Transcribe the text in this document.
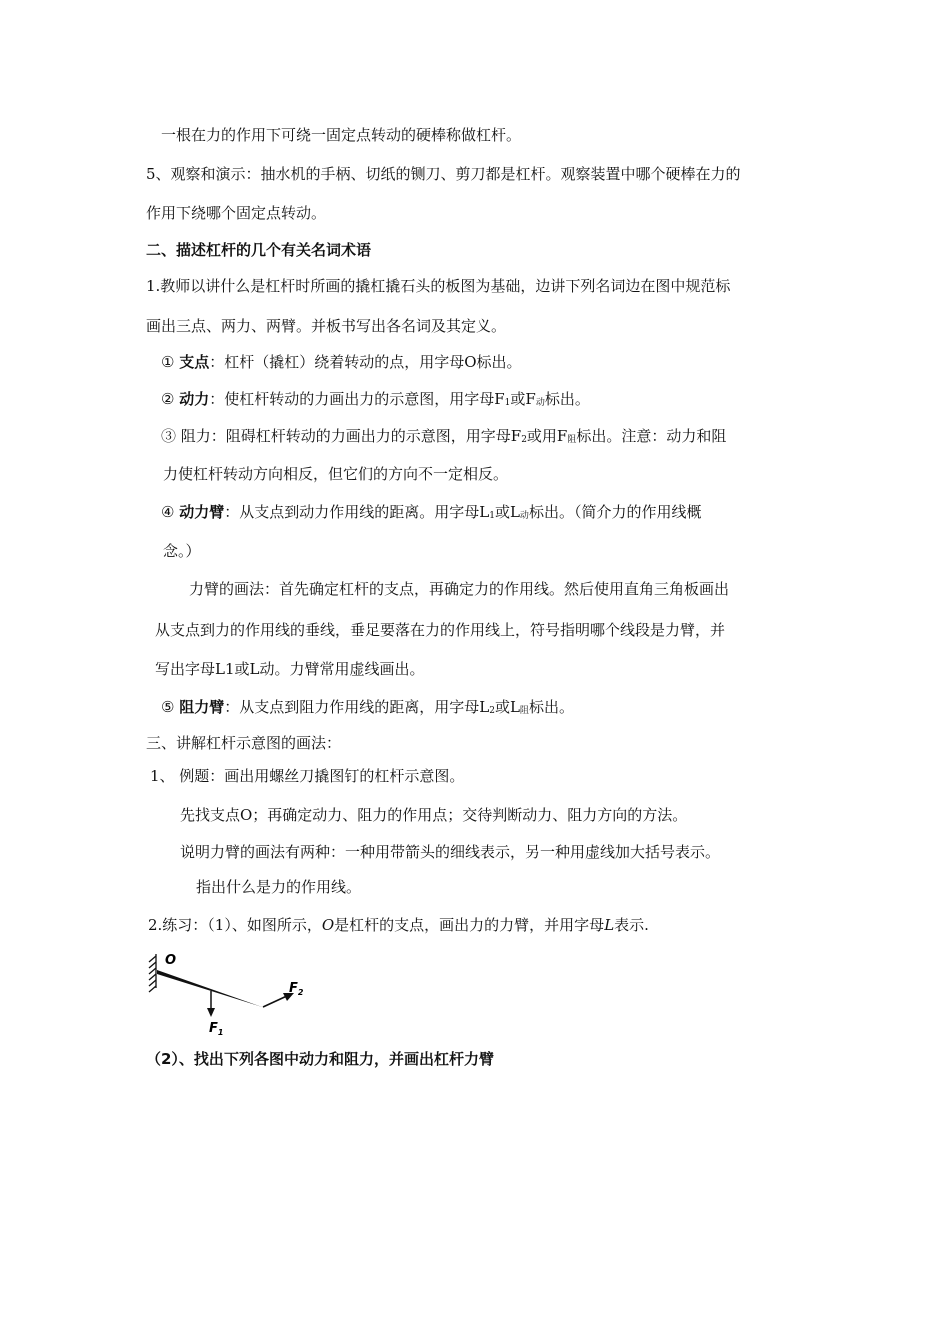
一根在力的作用下可绕一固定点转动的硬棒称做杠杆。
5、观察和演示：抽水机的手柄、切纸的铡刀、剪刀都是杠杆。观察装置中哪个硬棒在力的
作用下绕哪个固定点转动。
二、描述杠杆的几个有关名词术语
1.教师以讲什么是杠杆时所画的撬杠撬石头的板图为基础，边讲下列名词边在图中规范标
画出三点、两力、两臂。并板书写出各名词及其定义。
① 支点：杠杆（撬杠）绕着转动的点，用字母O标出。
② 动力：使杠杆转动的力画出力的示意图，用字母F1或F动标出。
③ 阻力：阻碍杠杆转动的力画出力的示意图，用字母F2或用F阻标出。注意：动力和阻
力使杠杆转动方向相反，但它们的方向不一定相反。
④ 动力臂：从支点到动力作用线的距离。用字母L1或L动标出。（简介力的作用线概
念。）
力臂的画法：首先确定杠杆的支点，再确定力的作用线。然后使用直角三角板画出
从支点到力的作用线的垂线，垂足要落在力的作用线上，符号指明哪个线段是力臂，并
写出字母L1或L动。力臂常用虚线画出。
⑤ 阻力臂：从支点到阻力作用线的距离，用字母L2或L阻标出。
三、讲解杠杆示意图的画法：
1、 例题：画出用螺丝刀撬图钉的杠杆示意图。
先找支点O；再确定动力、阻力的作用点；交待判断动力、阻力方向的方法。
说明力臂的画法有两种：一种用带箭头的细线表示，另一种用虚线加大括号表示。
指出什么是力的作用线。
2.练习：（1）、如图所示，O是杠杆的支点，画出力的力臂，并用字母L表示.
O
$F_2$
$F_1$
（2）、找出下列各图中动力和阻力，并画出杠杆力臂
